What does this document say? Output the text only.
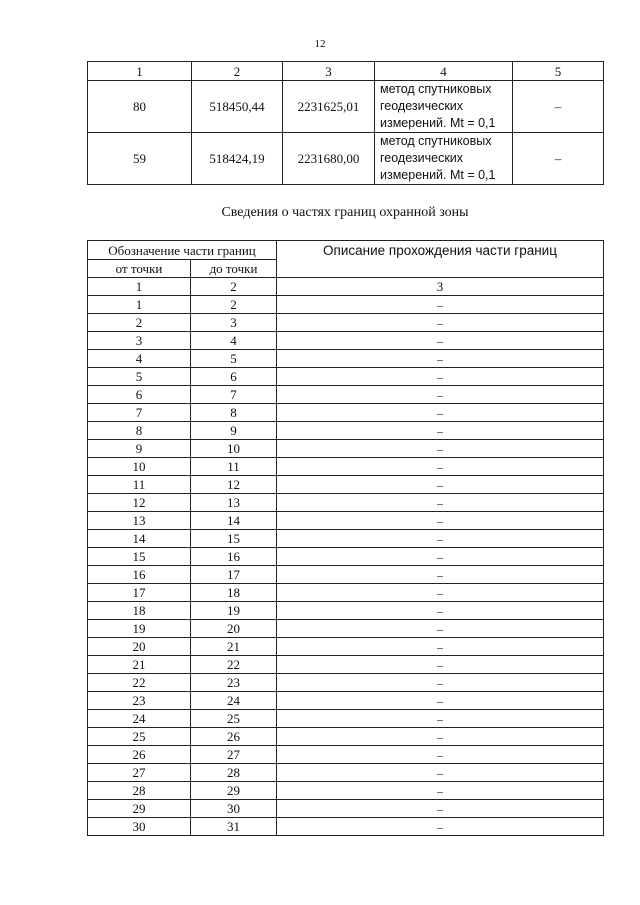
12
1	2	3	4	5
80	518450,44	2231625,01	метод спутниковых
геодезических
измерений. Mt = 0,1	–
59	518424,19	2231680,00	метод спутниковых
геодезических
измерений. Mt = 0,1	–
Сведения о частях границ охранной зоны
Обозначение части границ		Описание прохождения части границ
от точки	до точки	
1	2	3
1	2	–
2	3	–
3	4	–
4	5	–
5	6	–
6	7	–
7	8	–
8	9	–
9	10	–
10	11	–
11	12	–
12	13	–
13	14	–
14	15	–
15	16	–
16	17	–
17	18	–
18	19	–
19	20	–
20	21	–
21	22	–
22	23	–
23	24	–
24	25	–
25	26	–
26	27	–
27	28	–
28	29	–
29	30	–
30	31	–
